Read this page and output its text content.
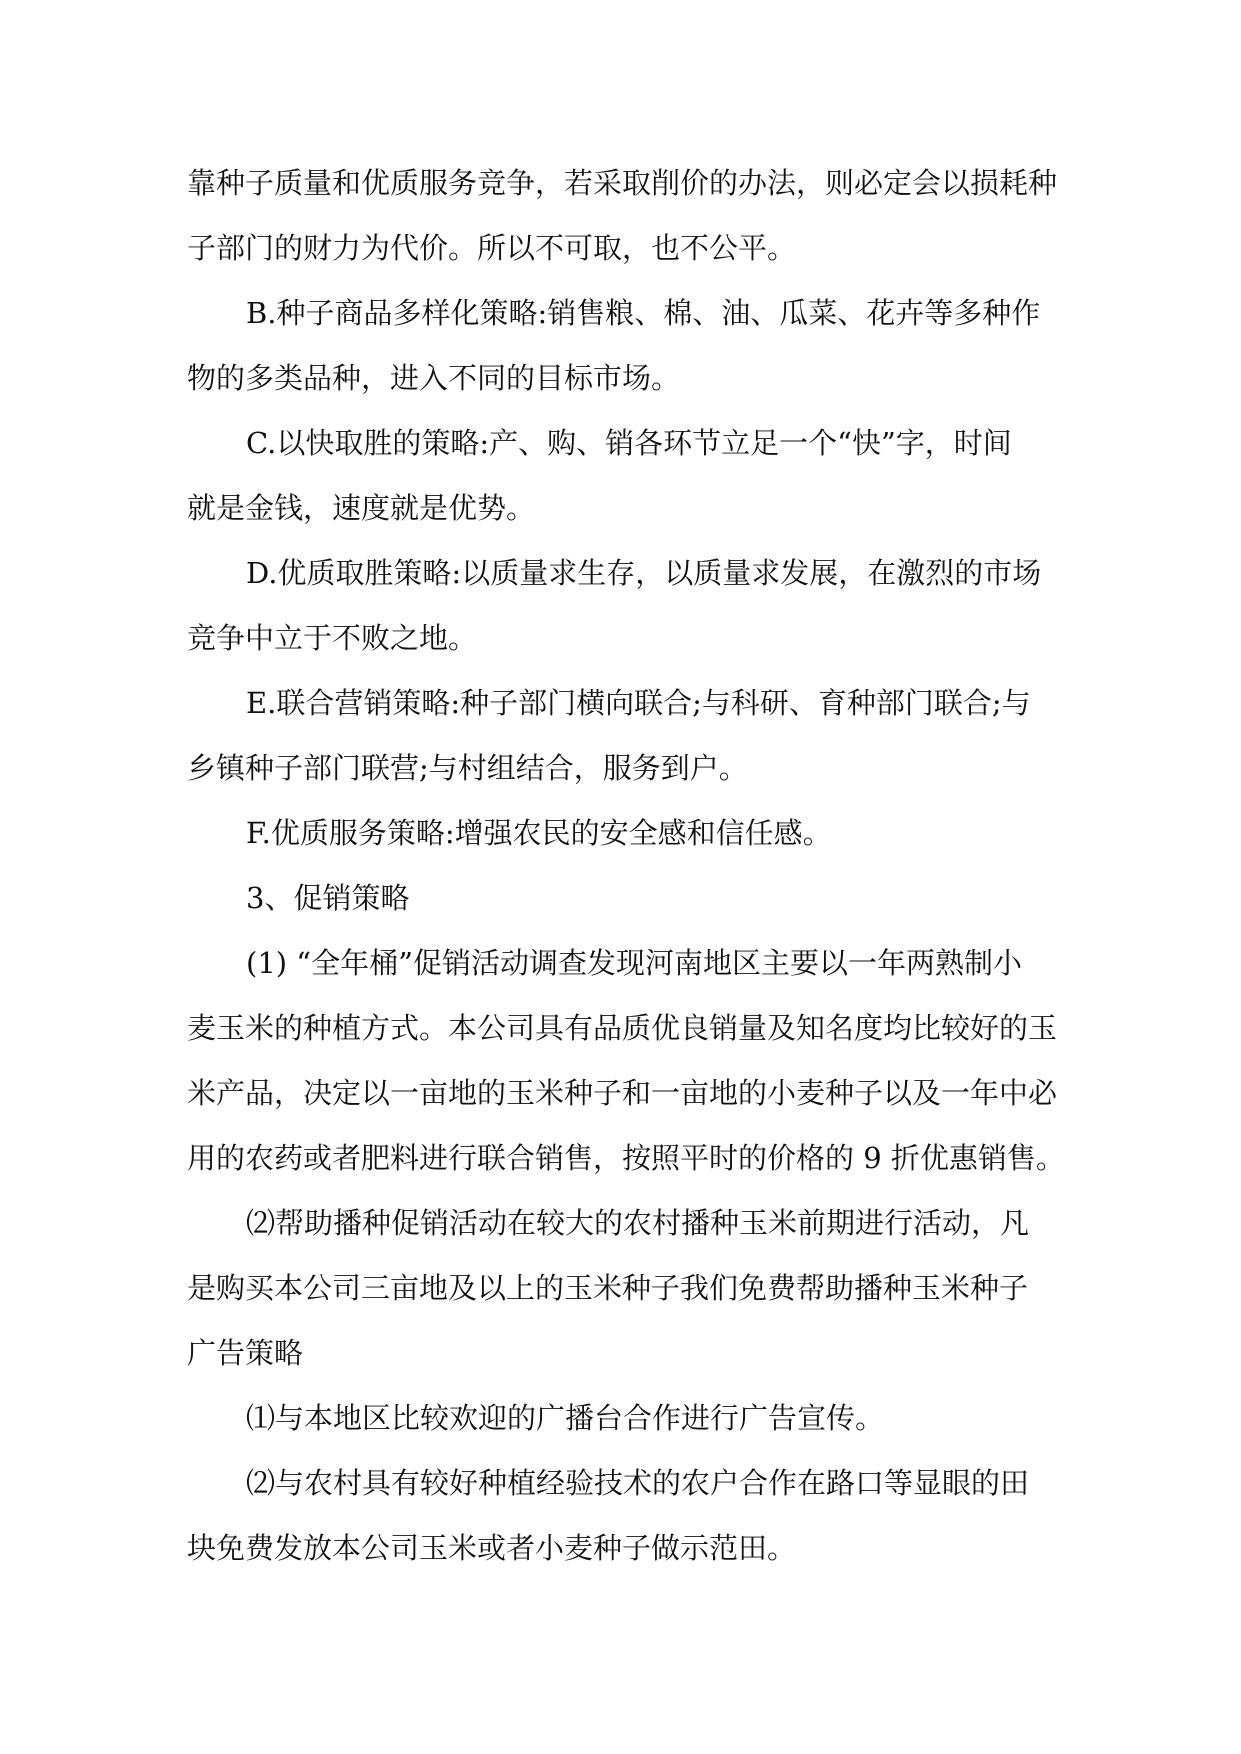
靠种子质量和优质服务竞争，若采取削价的办法，则必定会以损耗种
子部门的财力为代价。所以不可取，也不公平。
B.种子商品多样化策略:销售粮、棉、油、瓜菜、花卉等多种作
物的多类品种，进入不同的目标市场。
C.以快取胜的策略:产、购、销各环节立足一个“快”字，时间
就是金钱，速度就是优势。
D.优质取胜策略:以质量求生存，以质量求发展，在激烈的市场
竞争中立于不败之地。
E.联合营销策略:种子部门横向联合;与科研、育种部门联合;与
乡镇种子部门联营;与村组结合，服务到户。
F.优质服务策略:增强农民的安全感和信任感。
3、促销策略
(1) “全年桶”促销活动调查发现河南地区主要以一年两熟制小
麦玉米的种植方式。本公司具有品质优良销量及知名度均比较好的玉
米产品，决定以一亩地的玉米种子和一亩地的小麦种子以及一年中必
用的农药或者肥料进行联合销售，按照平时的价格的 9 折优惠销售。
⑵帮助播种促销活动在较大的农村播种玉米前期进行活动，凡
是购买本公司三亩地及以上的玉米种子我们免费帮助播种玉米种子
广告策略
⑴与本地区比较欢迎的广播台合作进行广告宣传。
⑵与农村具有较好种植经验技术的农户合作在路口等显眼的田
块免费发放本公司玉米或者小麦种子做示范田。
